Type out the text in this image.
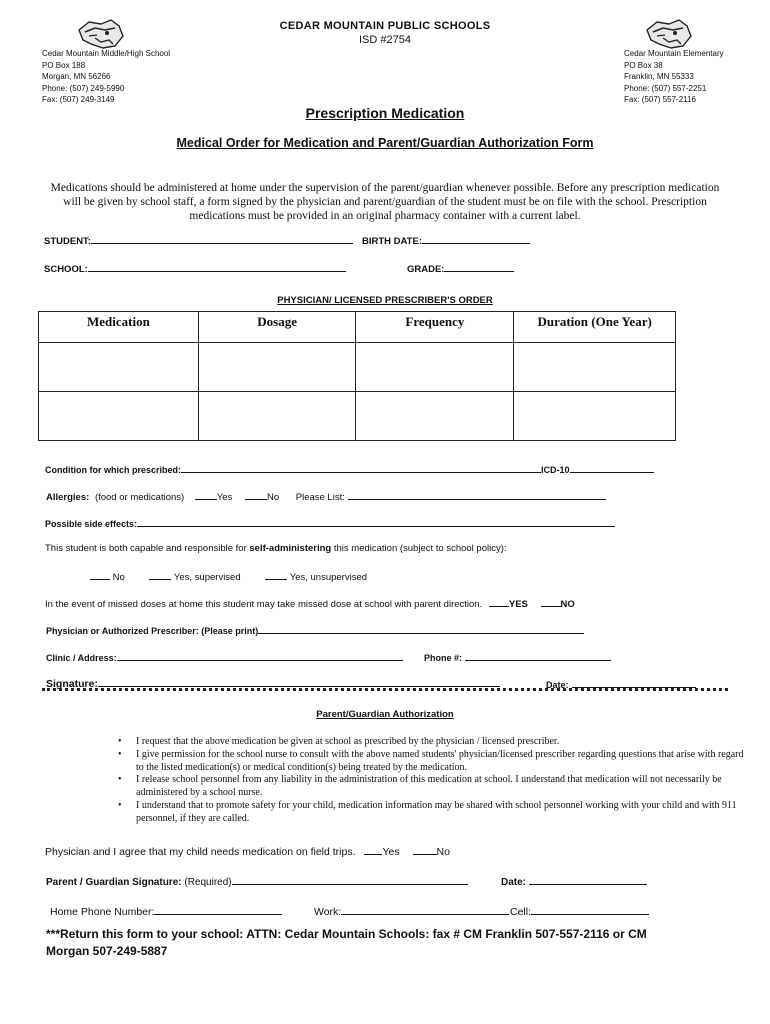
CEDAR MOUNTAIN PUBLIC SCHOOLS
ISD #2754
Cedar Mountain Middle/High School
PO Box 188
Morgan, MN 56266
Phone: (507) 249-5990
Fax: (507) 249-3149
Cedar Mountain Elementary
PO Box 38
Franklin, MN 55333
Phone: (507) 557-2251
Fax: (507) 557-2116
Prescription Medication
Medical Order for Medication and Parent/Guardian Authorization Form
Medications should be administered at home under the supervision of the parent/guardian whenever possible. Before any prescription medication will be given by school staff, a form signed by the physician and parent/guardian of the student must be on file with the school. Prescription medications must be provided in an original pharmacy container with a current label.
STUDENT:	BIRTH DATE:
SCHOOL:	GRADE:
PHYSICIAN/ LICENSED PRESCRIBER'S ORDER
Medication	Dosage	Frequency	Duration (One Year)

Condition for which prescribed:	ICD-10
Allergies: (food or medications)	Yes	No Please List:
Possible side effects:
This student is both capable and responsible for self-administering this medication (subject to school policy):
No	Yes, supervised	Yes, unsupervised
In the event of missed doses at home this student may take missed dose at school with parent direction.	YES	NO
Physician or Authorized Prescriber: (Please print)
Clinic / Address:	Phone #:
Signature:	Date:
Parent/Guardian Authorization
• I request that the above medication be given at school as prescribed by the physician / licensed prescriber.
• I give permission for the school nurse to consult with the above named students' physician/licensed prescriber regarding questions that arise with regard to the listed medication(s) or medical condition(s) being treated by the medication.
• I release school personnel from any liability in the administration of this medication at school. I understand that medication will not necessarily be administered by a school nurse.
• I understand that to promote safety for your child, medication information may be shared with school personnel working with your child and with 911 personnel, if they are called.
Physician and I agree that my child needs medication on field trips.	Yes	No
Parent / Guardian Signature: (Required)	Date:
Home Phone Number:	Work:	Cell:
***Return this form to your school: ATTN: Cedar Mountain Schools: fax # CM Franklin 507-557-2116 or CM
Morgan 507-249-5887
